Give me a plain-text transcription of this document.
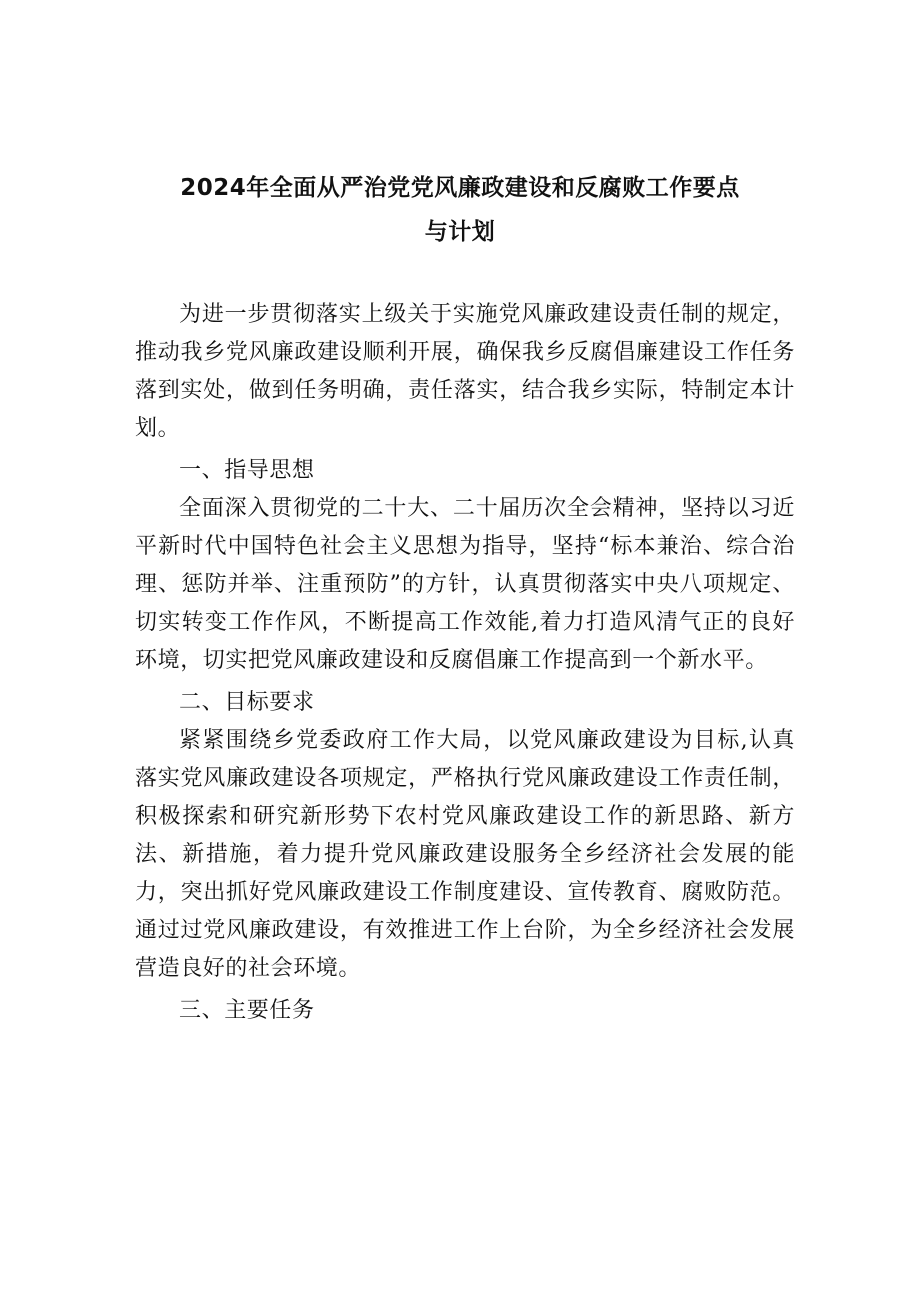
2024年全面从严治党党风廉政建设和反腐败工作要点
与计划

为进一步贯彻落实上级关于实施党风廉政建设责任制的规定，推动我乡党风廉政建设顺利开展，确保我乡反腐倡廉建设工作任务落到实处，做到任务明确，责任落实，结合我乡实际，特制定本计划。

一、指导思想

全面深入贯彻党的二十大、二十届历次全会精神，坚持以习近平新时代中国特色社会主义思想为指导，坚持“标本兼治、综合治理、惩防并举、注重预防”的方针，认真贯彻落实中央八项规定、切实转变工作作风，不断提高工作效能,着力打造风清气正的良好环境，切实把党风廉政建设和反腐倡廉工作提高到一个新水平。

二、目标要求

紧紧围绕乡党委政府工作大局，以党风廉政建设为目标,认真落实党风廉政建设各项规定，严格执行党风廉政建设工作责任制，积极探索和研究新形势下农村党风廉政建设工作的新思路、新方法、新措施，着力提升党风廉政建设服务全乡经济社会发展的能力，突出抓好党风廉政建设工作制度建设、宣传教育、腐败防范。通过过党风廉政建设，有效推进工作上台阶，为全乡经济社会发展营造良好的社会环境。

三、主要任务
